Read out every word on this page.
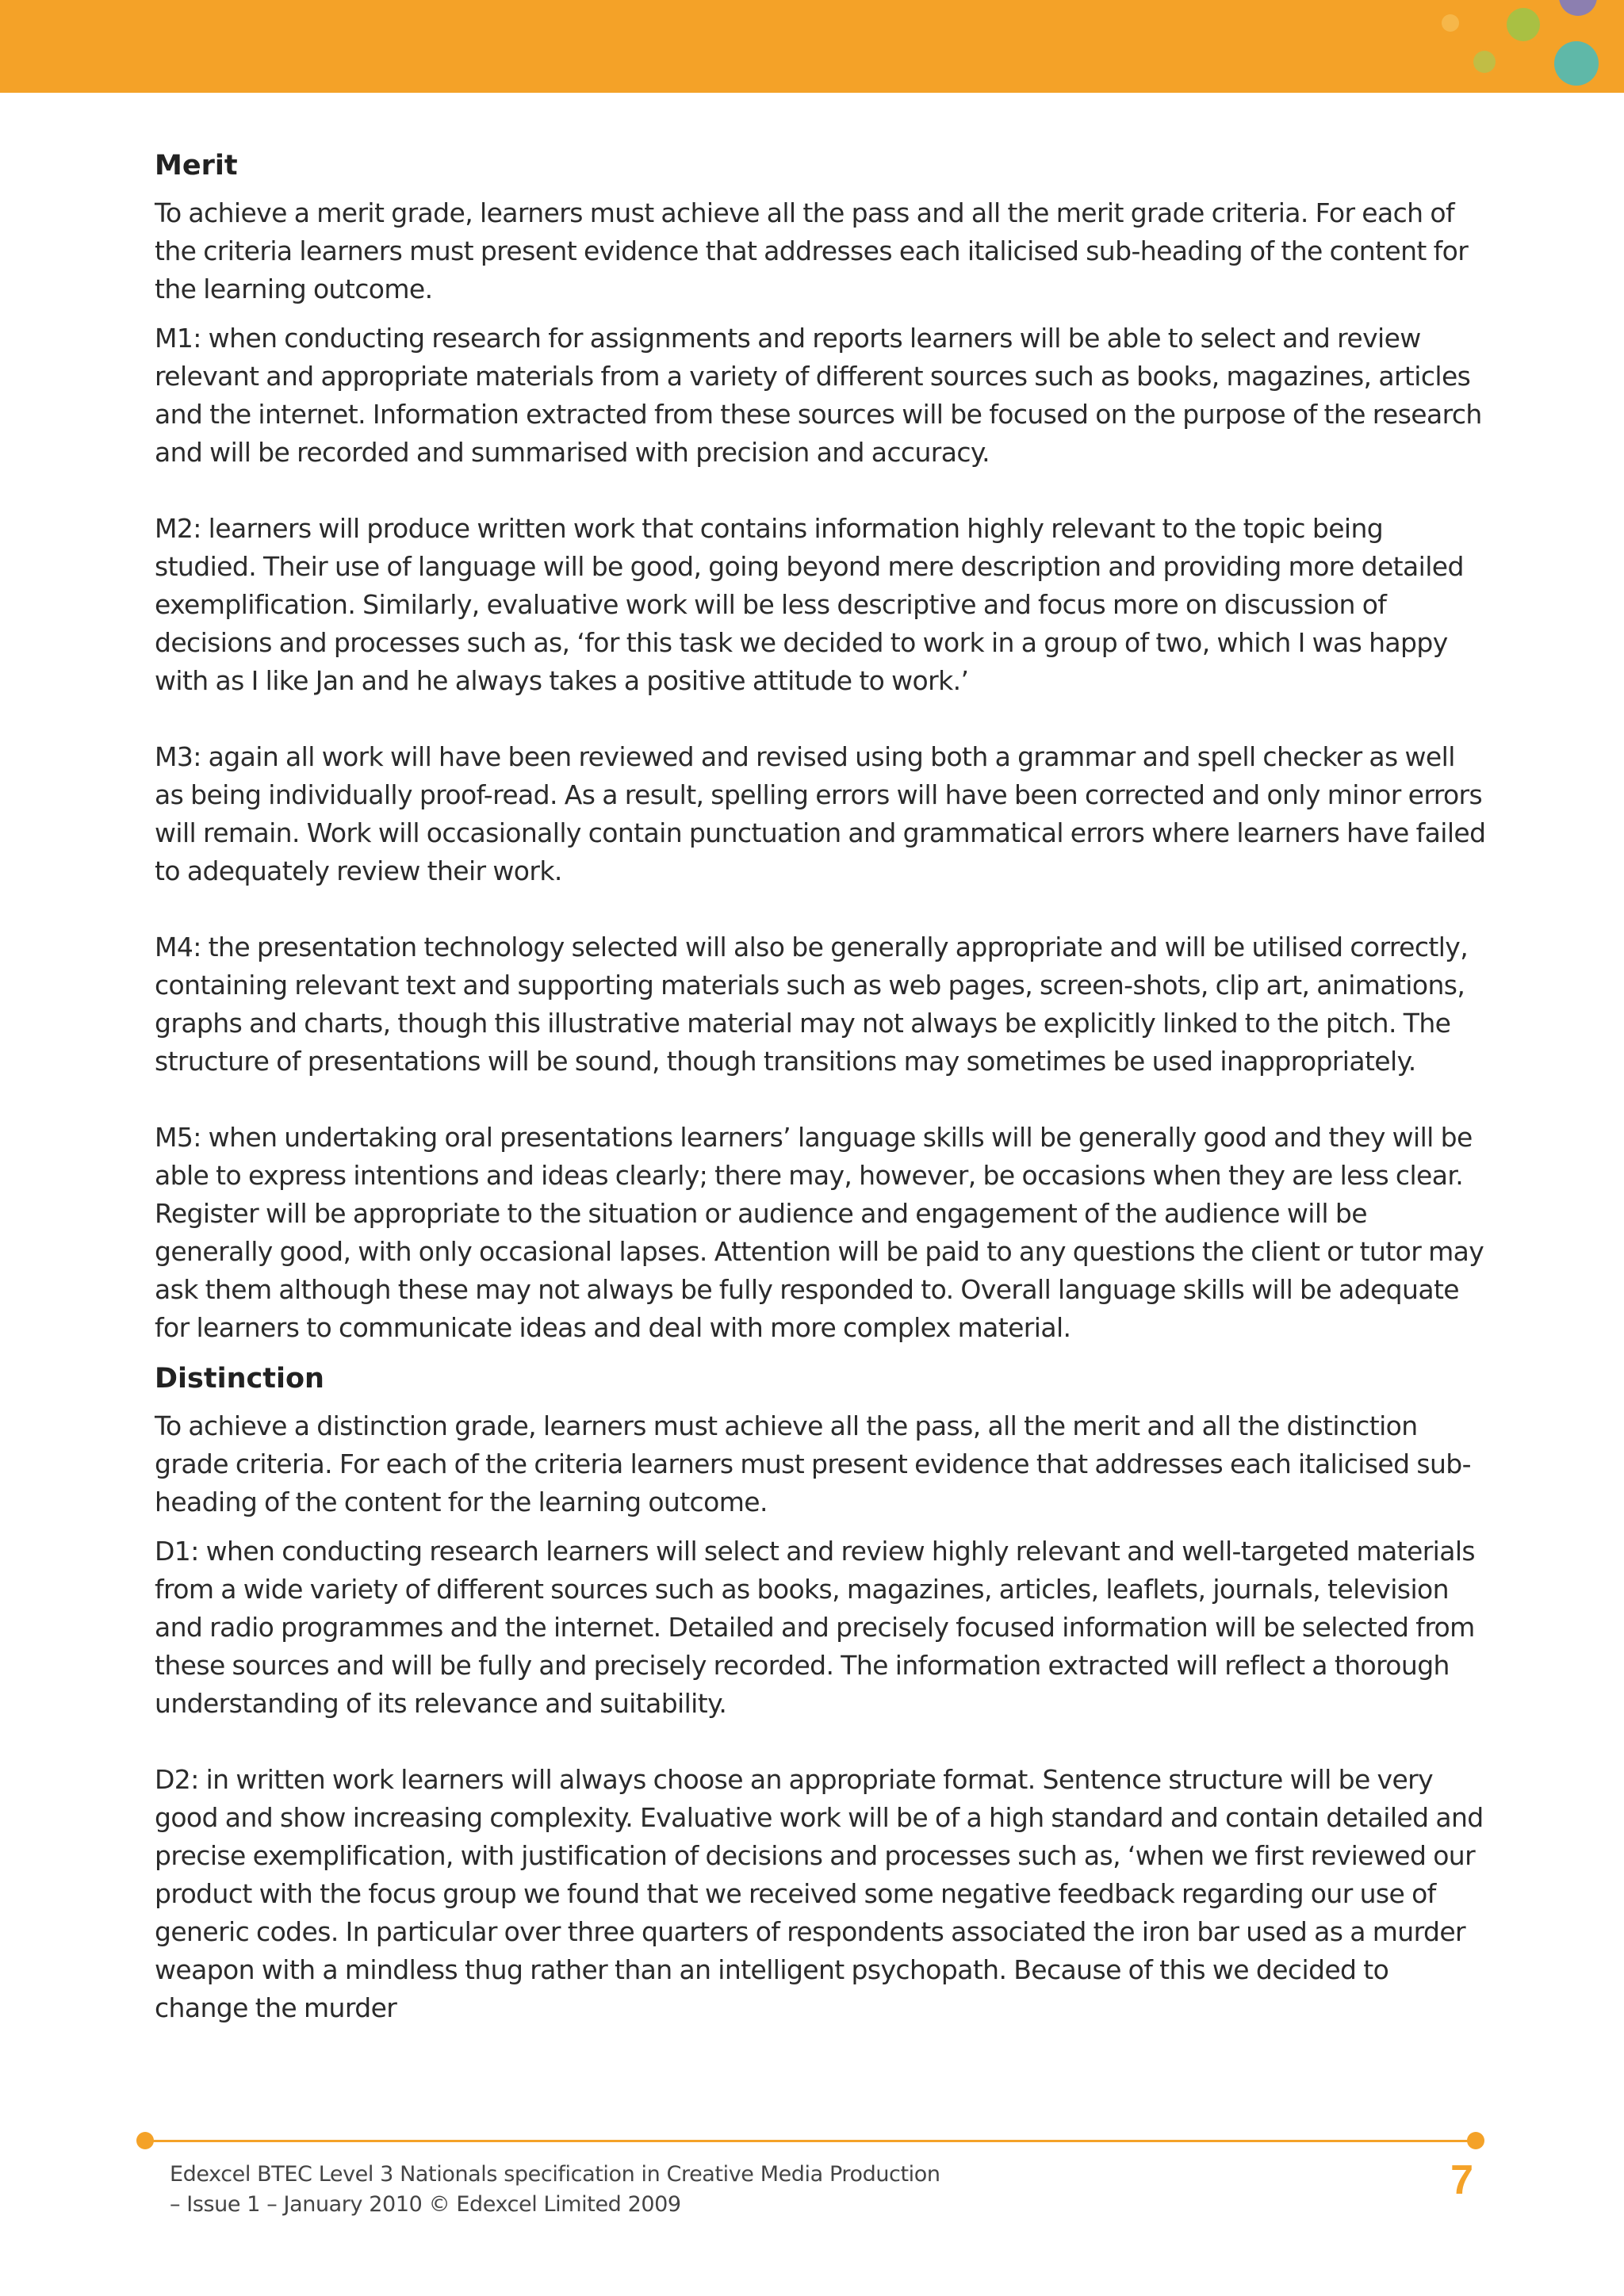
Merit

To achieve a merit grade, learners must achieve all the pass and all the merit grade criteria. For each of the criteria learners must present evidence that addresses each italicised sub-heading of the content for the learning outcome.

M1: when conducting research for assignments and reports learners will be able to select and review relevant and appropriate materials from a variety of different sources such as books, magazines, articles and the internet. Information extracted from these sources will be focused on the purpose of the research and will be recorded and summarised with precision and accuracy.

M2: learners will produce written work that contains information highly relevant to the topic being studied. Their use of language will be good, going beyond mere description and providing more detailed exemplification. Similarly, evaluative work will be less descriptive and focus more on discussion of decisions and processes such as, ‘for this task we decided to work in a group of two, which I was happy with as I like Jan and he always takes a positive attitude to work.’

M3: again all work will have been reviewed and revised using both a grammar and spell checker as well as being individually proof-read. As a result, spelling errors will have been corrected and only minor errors will remain. Work will occasionally contain punctuation and grammatical errors where learners have failed to adequately review their work.

M4: the presentation technology selected will also be generally appropriate and will be utilised correctly, containing relevant text and supporting materials such as web pages, screen-shots, clip art, animations, graphs and charts, though this illustrative material may not always be explicitly linked to the pitch. The structure of presentations will be sound, though transitions may sometimes be used inappropriately.

M5: when undertaking oral presentations learners’ language skills will be generally good and they will be able to express intentions and ideas clearly; there may, however, be occasions when they are less clear. Register will be appropriate to the situation or audience and engagement of the audience will be generally good, with only occasional lapses. Attention will be paid to any questions the client or tutor may ask them although these may not always be fully responded to. Overall language skills will be adequate for learners to communicate ideas and deal with more complex material.

Distinction

To achieve a distinction grade, learners must achieve all the pass, all the merit and all the distinction grade criteria. For each of the criteria learners must present evidence that addresses each italicised sub-heading of the content for the learning outcome.

D1: when conducting research learners will select and review highly relevant and well-targeted materials from a wide variety of different sources such as books, magazines, articles, leaflets, journals, television and radio programmes and the internet. Detailed and precisely focused information will be selected from these sources and will be fully and precisely recorded. The information extracted will reflect a thorough understanding of its relevance and suitability.

D2: in written work learners will always choose an appropriate format. Sentence structure will be very good and show increasing complexity. Evaluative work will be of a high standard and contain detailed and precise exemplification, with justification of decisions and processes such as, ‘when we first reviewed our product with the focus group we found that we received some negative feedback regarding our use of generic codes. In particular over three quarters of respondents associated the iron bar used as a murder weapon with a mindless thug rather than an intelligent psychopath. Because of this we decided to change the murder

Edexcel BTEC Level 3 Nationals specification in Creative Media Production
– Issue 1 – January 2010 © Edexcel Limited 2009
7
